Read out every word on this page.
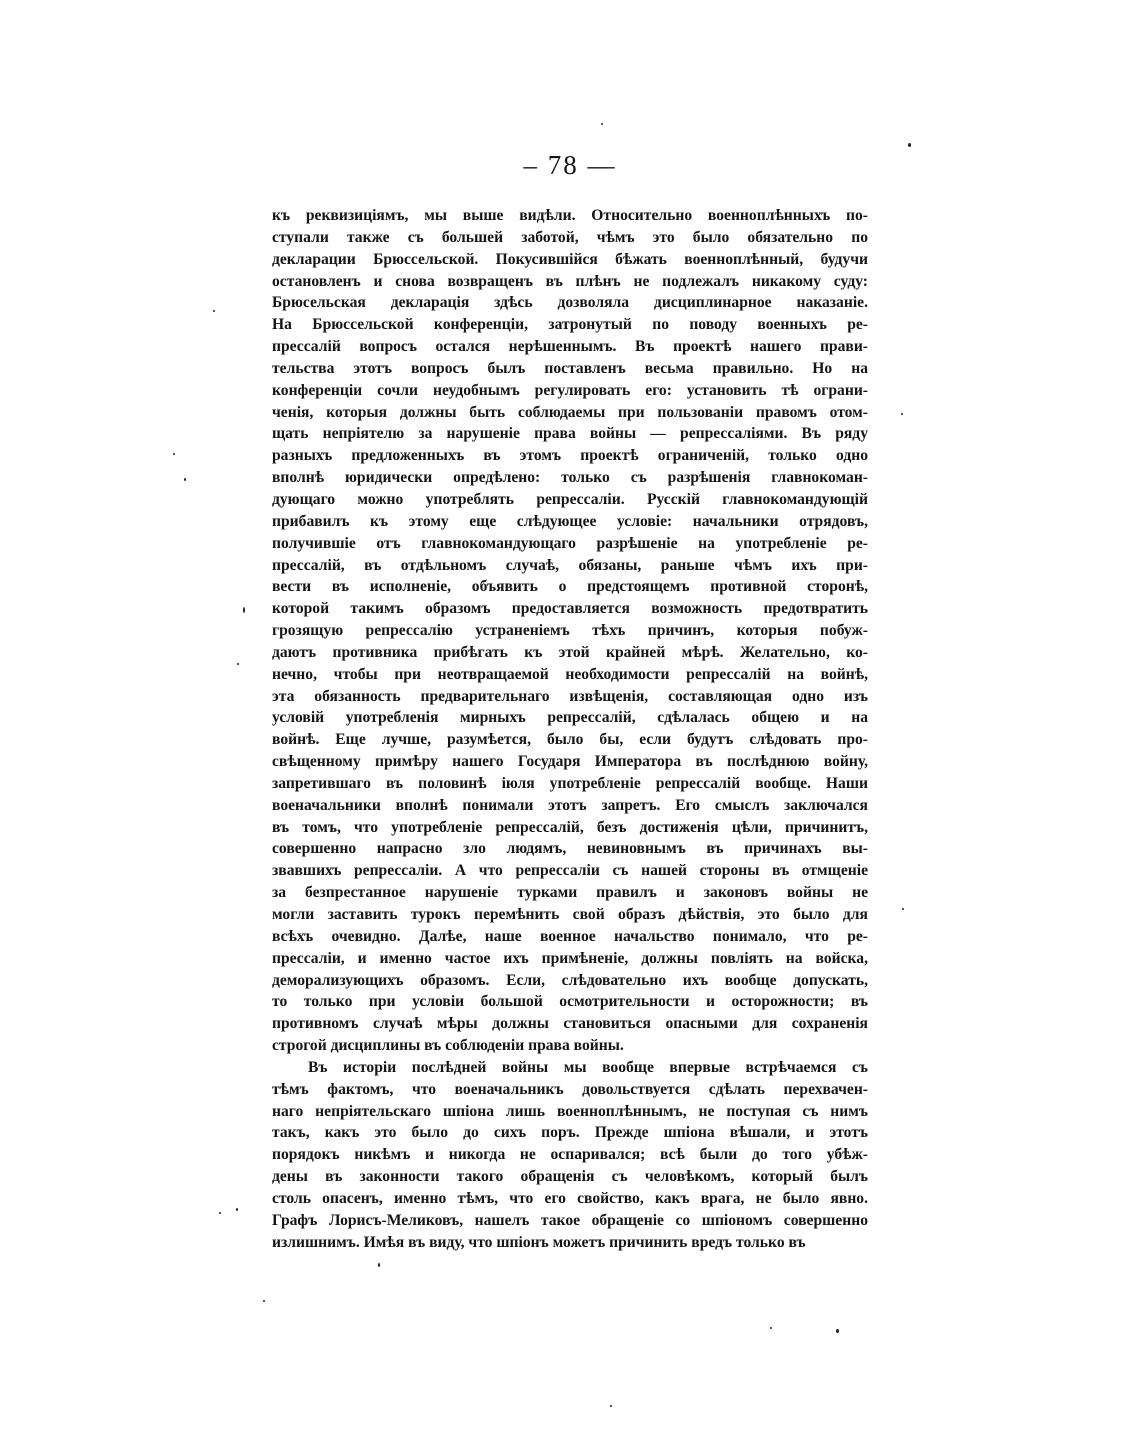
– 78 —
къ реквизиціямъ, мы выше видѣли. Относительно военноплѣнныхъ по-
ступали также съ большей заботой, чѣмъ это было обязательно по
декларации Брюссельской. Покусившійся бѣжать военноплѣнный, будучи
остановленъ и снова возвращенъ въ плѣнъ не подлежалъ никакому суду:
Брюсельская декларація здѣсь дозволяла дисциплинарное наказаніе.
На Брюссельской конференціи, затронутый по поводу военныхъ ре-
прессалій вопросъ остался нерѣшеннымъ. Въ проектѣ нашего прави-
тельства этотъ вопросъ былъ поставленъ весьма правильно. Но на
конференціи сочли неудобнымъ регулировать его: установить тѣ ограни-
ченія, которыя должны быть соблюдаемы при пользованіи правомъ отом-
щать непріятелю за нарушеніе права войны — репрессаліями. Въ ряду
разныхъ предложенныхъ въ этомъ проектѣ ограниченій, только одно
вполнѣ юридически опредѣлено: только съ разрѣшенія главнокоман-
дующаго можно употреблять репрессаліи. Русскій главнокомандующій
прибавилъ къ этому еще слѣдующее условіе: начальники отрядовъ,
получившіе отъ главнокомандующаго разрѣшеніе на употребленіе ре-
прессалій, въ отдѣльномъ случаѣ, обязаны, раньше чѣмъ ихъ при-
вести въ исполненіе, объявить о предстоящемъ противной сторонѣ,
которой такимъ образомъ предоставляется возможность предотвратить
грозящую репрессалію устраненіемъ тѣхъ причинъ, которыя побуж-
даютъ противника прибѣгать къ этой крайней мѣрѣ. Желательно, ко-
нечно, чтобы при неотвращаемой необходимости репрессалій на войнѣ,
эта обязанность предварительнаго извѣщенія, составляющая одно изъ
условій употребленія мирныхъ репрессалій, сдѣлалась общею и на
войнѣ. Еще лучше, разумѣется, было бы, если будутъ слѣдовать про-
свѣщенному примѣру нашего Государя Императора въ послѣднюю войну,
запретившаго въ половинѣ іюля употребленіе репрессалій вообще. Наши
военачальники вполнѣ понимали этотъ запретъ. Его смыслъ заключался
въ томъ, что употребленіе репрессалій, безъ достиженія цѣли, причинитъ,
совершенно напрасно зло людямъ, невиновнымъ въ причинахъ вы-
звавшихъ репрессаліи. А что репрессаліи съ нашей стороны въ отмщеніе
за безпрестанное нарушеніе турками правилъ и законовъ войны не
могли заставить турокъ перемѣнить свой образъ дѣйствія, это было для
всѣхъ очевидно. Далѣе, наше военное начальство понимало, что ре-
прессаліи, и именно частое ихъ примѣненіе, должны повліять на войска,
деморализующихъ образомъ. Если, слѣдовательно ихъ вообще допускать,
то только при условіи большой осмотрительности и осторожности; въ
противномъ случаѣ мѣры должны становиться опасными для сохраненія
строгой дисциплины въ соблюденіи права войны.
Въ исторіи послѣдней войны мы вообще впервые встрѣчаемся съ
тѣмъ фактомъ, что военачальникъ довольствуется сдѣлать перехвачен-
наго непріятельскаго шпіона лишь военноплѣннымъ, не поступая съ нимъ
такъ, какъ это было до сихъ поръ. Прежде шпіона вѣшали, и этотъ
порядокъ никѣмъ и никогда не оспаривался; всѣ были до того убѣж-
дены въ законности такого обращенія съ человѣкомъ, который былъ
столь опасенъ, именно тѣмъ, что его свойство, какъ врага, не было явно.
Графъ Лорисъ-Меликовъ, нашелъ такое обращеніе со шпіономъ совершенно
излишнимъ. Имѣя въ виду, что шпіонъ можетъ причинить вредъ только въ
